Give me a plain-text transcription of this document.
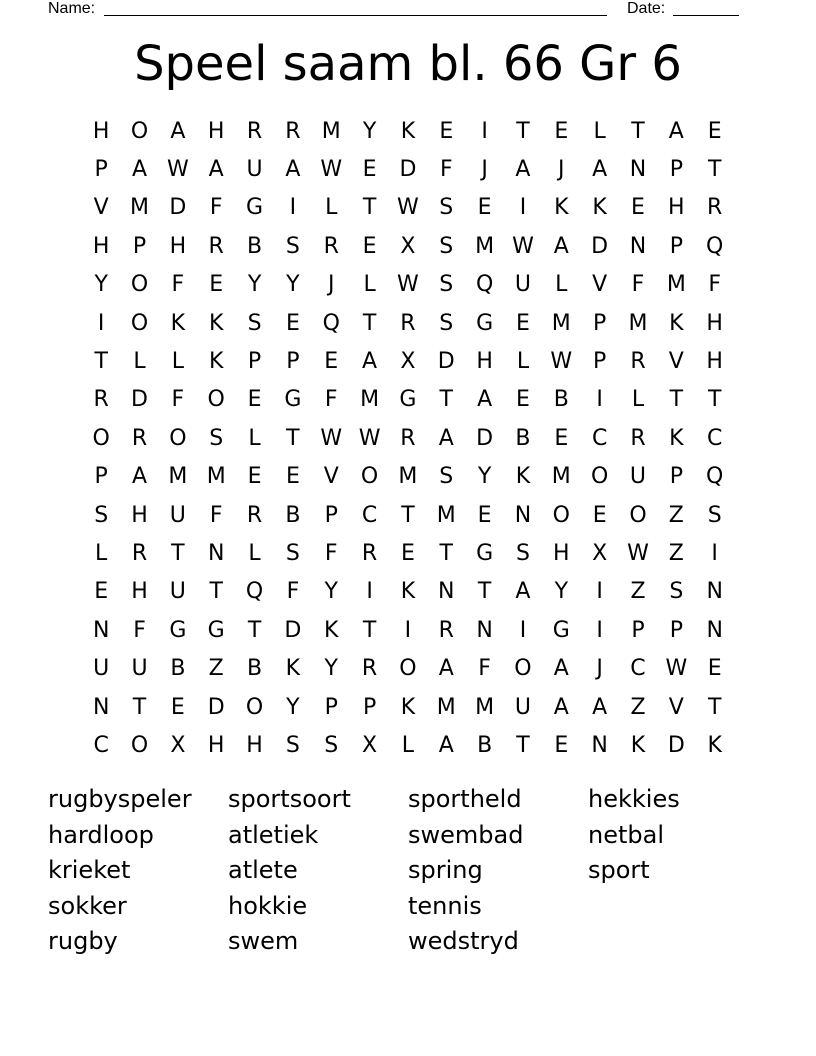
Name:	Date:
Speel saam bl. 66 Gr 6
H O	A	H	R	R M	Y	K	E	I	T	E	L	T	A	E
P	A W A	U	A W E	D	F	J	A	J	A	N	P	T
V M D	F	G	I	L	T W S	E	I	K	K	E	H	R
H	P	H	R	B	S	R	E	X	S M W A	D N	P	Q
Y	O	F	E	Y	Y	J	L W S	Q U	L	V	F	M	F
I	O	K	K	S	E	Q	T	R	S	G	E M	P	M K	H
T	L	L	K	P	P	E	A	X	D H	L W P	R	V	H
R	D	F	O	E	G	F	M G	T	A	E	B	I	L	T	T
O	R	O	S	L	T W W R	A	D	B	E	C	R	K	C
P	A M M E	E	V	O M S	Y	K M O U	P	Q
S	H	U	F	R	B	P	C	T	M E	N O	E	O	Z	S
L	R	T	N	L	S	F	R	E	T	G	S	H	X W Z	I
E	H	U	T	Q	F	Y	I	K	N	T	A	Y	I	Z	S	N
N	F	G G	T	D	K	T	I	R	N	I	G	I	P	P	N
U	U	B	Z	B	K	Y	R	O	A	F	O	A	J	C W E
N	T	E	D O	Y	P	P	K M M U	A	A	Z	V	T
C O	X	H H	S	S	X	L	A	B	T	E	N	K	D	K
rugbyspeler
hardloop
krieket
sokker
rugby
sportsoort
atletiek
atlete
hokkie
swem
sportheld
swembad
spring
tennis
wedstryd
hekkies
netbal
sport
